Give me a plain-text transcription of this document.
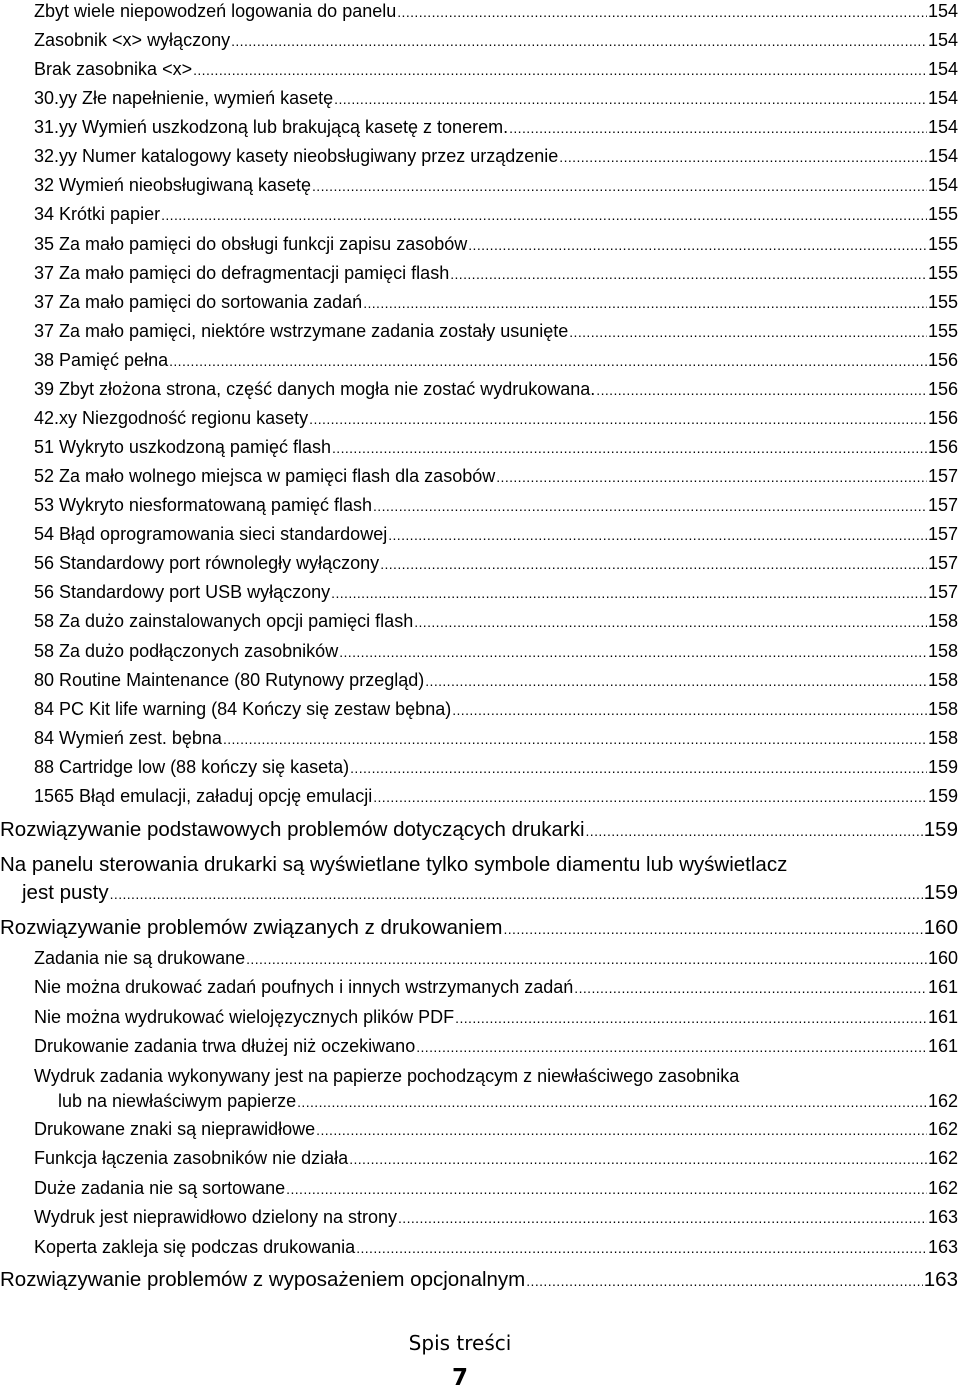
Zbyt wiele niepowodzeń logowania do panelu .....	154
Zasobnik <x> wyłączony .....	154
Brak zasobnika <x> .....	154
30.yy Złe napełnienie, wymień kasetę .....	154
31.yy Wymień uszkodzoną lub brakującą kasetę z tonerem. .....	154
32.yy Numer katalogowy kasety nieobsługiwany przez urządzenie .....	154
32 Wymień nieobsługiwaną kasetę .....	154
34 Krótki papier .....	155
35 Za mało pamięci do obsługi funkcji zapisu zasobów .....	155
37 Za mało pamięci do defragmentacji pamięci flash .....	155
37 Za mało pamięci do sortowania zadań .....	155
37 Za mało pamięci, niektóre wstrzymane zadania zostały usunięte .....	155
38 Pamięć pełna .....	156
39 Zbyt złożona strona, część danych mogła nie zostać wydrukowana. .....	156
42.xy Niezgodność regionu kasety .....	156
51 Wykryto uszkodzoną pamięć flash .....	156
52 Za mało wolnego miejsca w pamięci flash dla zasobów .....	157
53 Wykryto niesformatowaną pamięć flash .....	157
54 Błąd oprogramowania sieci standardowej .....	157
56 Standardowy port równoległy wyłączony .....	157
56 Standardowy port USB wyłączony .....	157
58 Za dużo zainstalowanych opcji pamięci flash .....	158
58 Za dużo podłączonych zasobników .....	158
80 Routine Maintenance (80 Rutynowy przegląd) .....	158
84 PC Kit life warning (84 Kończy się zestaw bębna) .....	158
84 Wymień zest. bębna .....	158
88 Cartridge low (88 kończy się kaseta) .....	159
1565 Błąd emulacji, załaduj opcję emulacji .....	159
Rozwiązywanie podstawowych problemów dotyczących drukarki .....	159
Na panelu sterowania drukarki są wyświetlane tylko symbole diamentu lub wyświetlacz
jest pusty .....	159
Rozwiązywanie problemów związanych z drukowaniem .....	160
Zadania nie są drukowane .....	160
Nie można drukować zadań poufnych i innych wstrzymanych zadań .....	161
Nie można wydrukować wielojęzycznych plików PDF .....	161
Drukowanie zadania trwa dłużej niż oczekiwano .....	161
Wydruk zadania wykonywany jest na papierze pochodzącym z niewłaściwego zasobnika
lub na niewłaściwym papierze .....	162
Drukowane znaki są nieprawidłowe .....	162
Funkcja łączenia zasobników nie działa .....	162
Duże zadania nie są sortowane .....	162
Wydruk jest nieprawidłowo dzielony na strony .....	163
Koperta zakleja się podczas drukowania .....	163
Rozwiązywanie problemów z wyposażeniem opcjonalnym .....	163
Spis treści
7
